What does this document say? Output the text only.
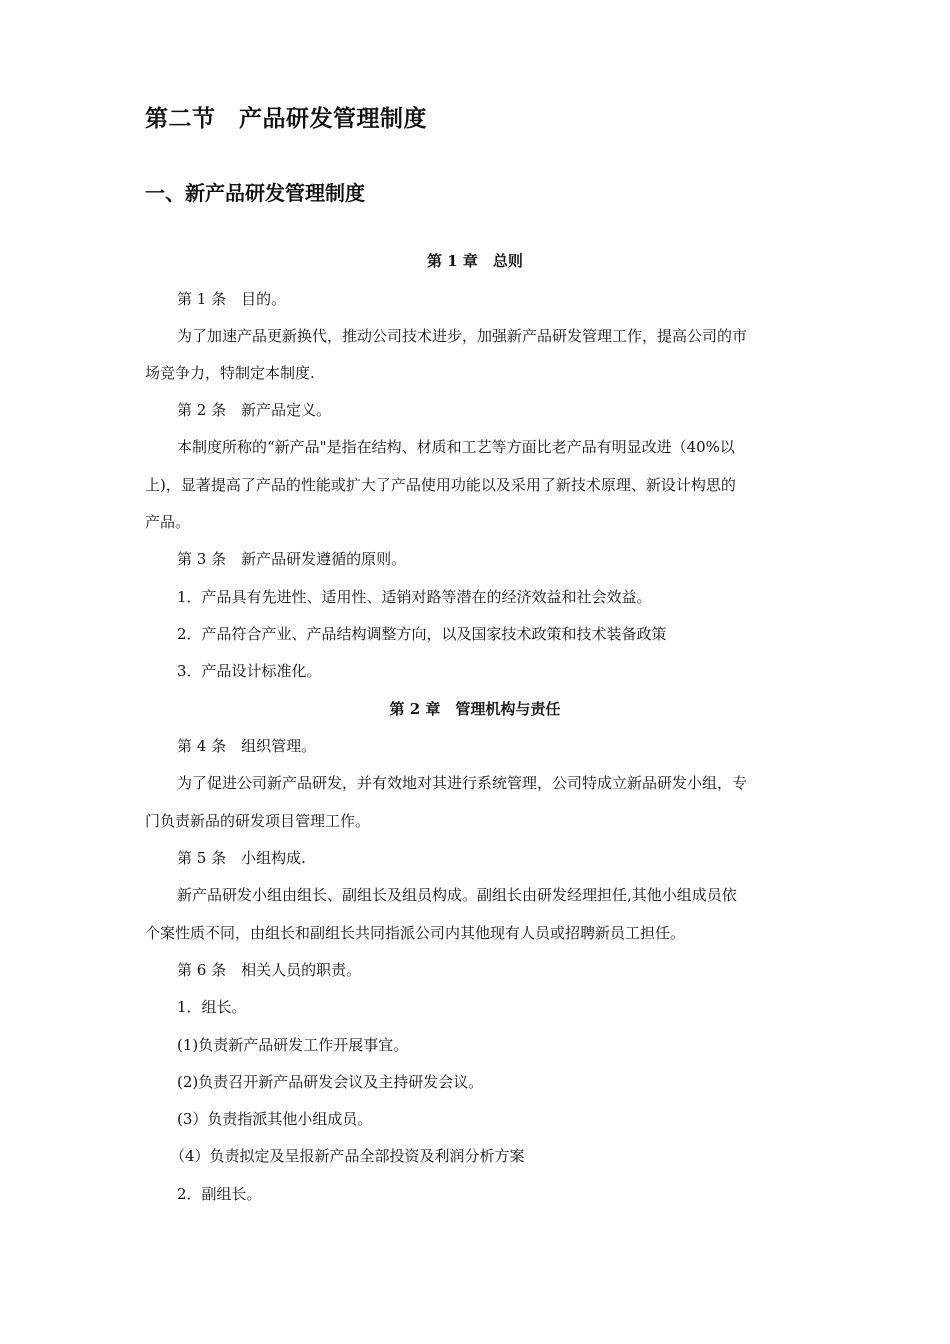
第二节　产品研发管理制度
一、新产品研发管理制度

第 1 章　总则

第 1 条　目的。

为了加速产品更新换代，推动公司技术进步，加强新产品研发管理工作，提高公司的市

场竞争力，特制定本制度.

第 2 条　新产品定义。

本制度所称的“新产品"是指在结构、材质和工艺等方面比老产品有明显改进（40%以

上)，显著提高了产品的性能或扩大了产品使用功能以及采用了新技术原理、新设计构思的

产品。

第 3 条　新产品研发遵循的原则。

1．产品具有先进性、适用性、适销对路等潜在的经济效益和社会效益。

2．产品符合产业、产品结构调整方向，以及国家技术政策和技术装备政策

3．产品设计标准化。

第 2 章　管理机构与责任

第 4 条　组织管理。

为了促进公司新产品研发，并有效地对其进行系统管理，公司特成立新品研发小组，专

门负责新品的研发项目管理工作。

第 5 条　小组构成.

新产品研发小组由组长、副组长及组员构成。副组长由研发经理担任,其他小组成员依

个案性质不同，由组长和副组长共同指派公司内其他现有人员或招聘新员工担任。

第 6 条　相关人员的职责。

1．组长。

(1)负责新产品研发工作开展事宜。

(2)负责召开新产品研发会议及主持研发会议。

(3）负责指派其他小组成员。

（4）负责拟定及呈报新产品全部投资及利润分析方案

2．副组长。
